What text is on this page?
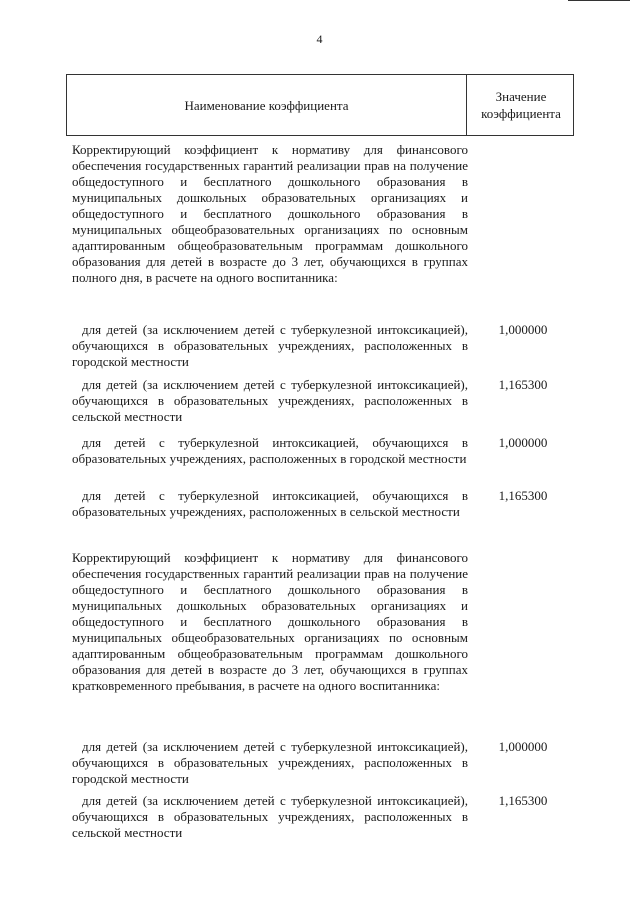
4
Наименование коэффициента
Значение
коэффициента
Корректирующий коэффициент к нормативу для финансового обеспечения государственных гарантий реализации прав на получение общедоступного и бесплатного дошкольного образования в муниципальных дошкольных образовательных организациях и общедоступного и бесплатного дошкольного образования в муниципальных общеобразовательных организациях по основным адаптированным общеобразовательным программам дошкольного образования для детей в возрасте до 3 лет, обучающихся в группах полного дня, в расчете на одного воспитанника:
для детей (за исключением детей с туберкулезной интоксикацией), обучающихся в образовательных учреждениях, расположенных в городской местности
1,000000
для детей (за исключением детей с туберкулезной интоксикацией), обучающихся в образовательных учреждениях, расположенных в сельской местности
1,165300
для детей с туберкулезной интоксикацией, обучающихся в образовательных учреждениях, расположенных в городской местности
1,000000
для детей с туберкулезной интоксикацией, обучающихся в образовательных учреждениях, расположенных в сельской местности
1,165300
Корректирующий коэффициент к нормативу для финансового обеспечения государственных гарантий реализации прав на получение общедоступного и бесплатного дошкольного образования в муниципальных дошкольных образовательных организациях и общедоступного и бесплатного дошкольного образования в муниципальных общеобразовательных организациях по основным адаптированным общеобразовательным программам дошкольного образования для детей в возрасте до 3 лет, обучающихся в группах кратковременного пребывания, в расчете на одного воспитанника:
для детей (за исключением детей с туберкулезной интоксикацией), обучающихся в образовательных учреждениях, расположенных в городской местности
1,000000
для детей (за исключением детей с туберкулезной интоксикацией), обучающихся в образовательных учреждениях, расположенных в сельской местности
1,165300
